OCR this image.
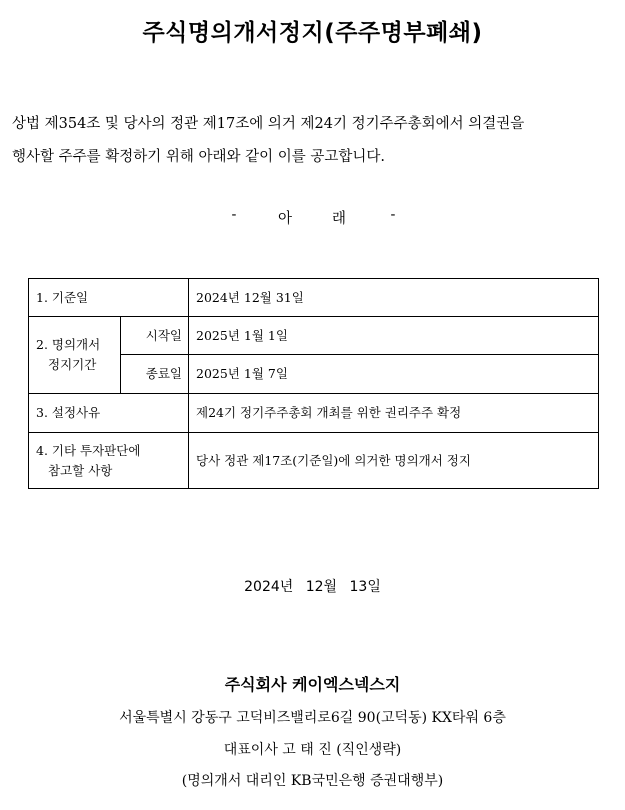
주식명의개서정지(주주명부폐쇄)
상법 제354조 및 당사의 정관 제17조에 의거 제24기 정기주주총회에서 의결권을
행사할 주주를 확정하기 위해 아래와 같이 이를 공고합니다.
-	아	래	-
1. 기준일		2024년 12월 31일

2. 명의개서
정지기간	시작일	2025년 1월 1일
	종료일	2025년 1월 7일
3. 설정사유		제24기 정기주주총회 개최를 위한 권리주주 확정

4. 기타 투자판단에
참고할 사항		당사 정관 제17조(기준일)에 의거한 명의개서 정지
2024년 12월 13일
주식회사 케이엑스넥스지
서울특별시 강동구 고덕비즈밸리로6길 90(고덕동) KX타워 6층
대표이사 고 태 진 (직인생략)
(명의개서 대리인 KB국민은행 증권대행부)
